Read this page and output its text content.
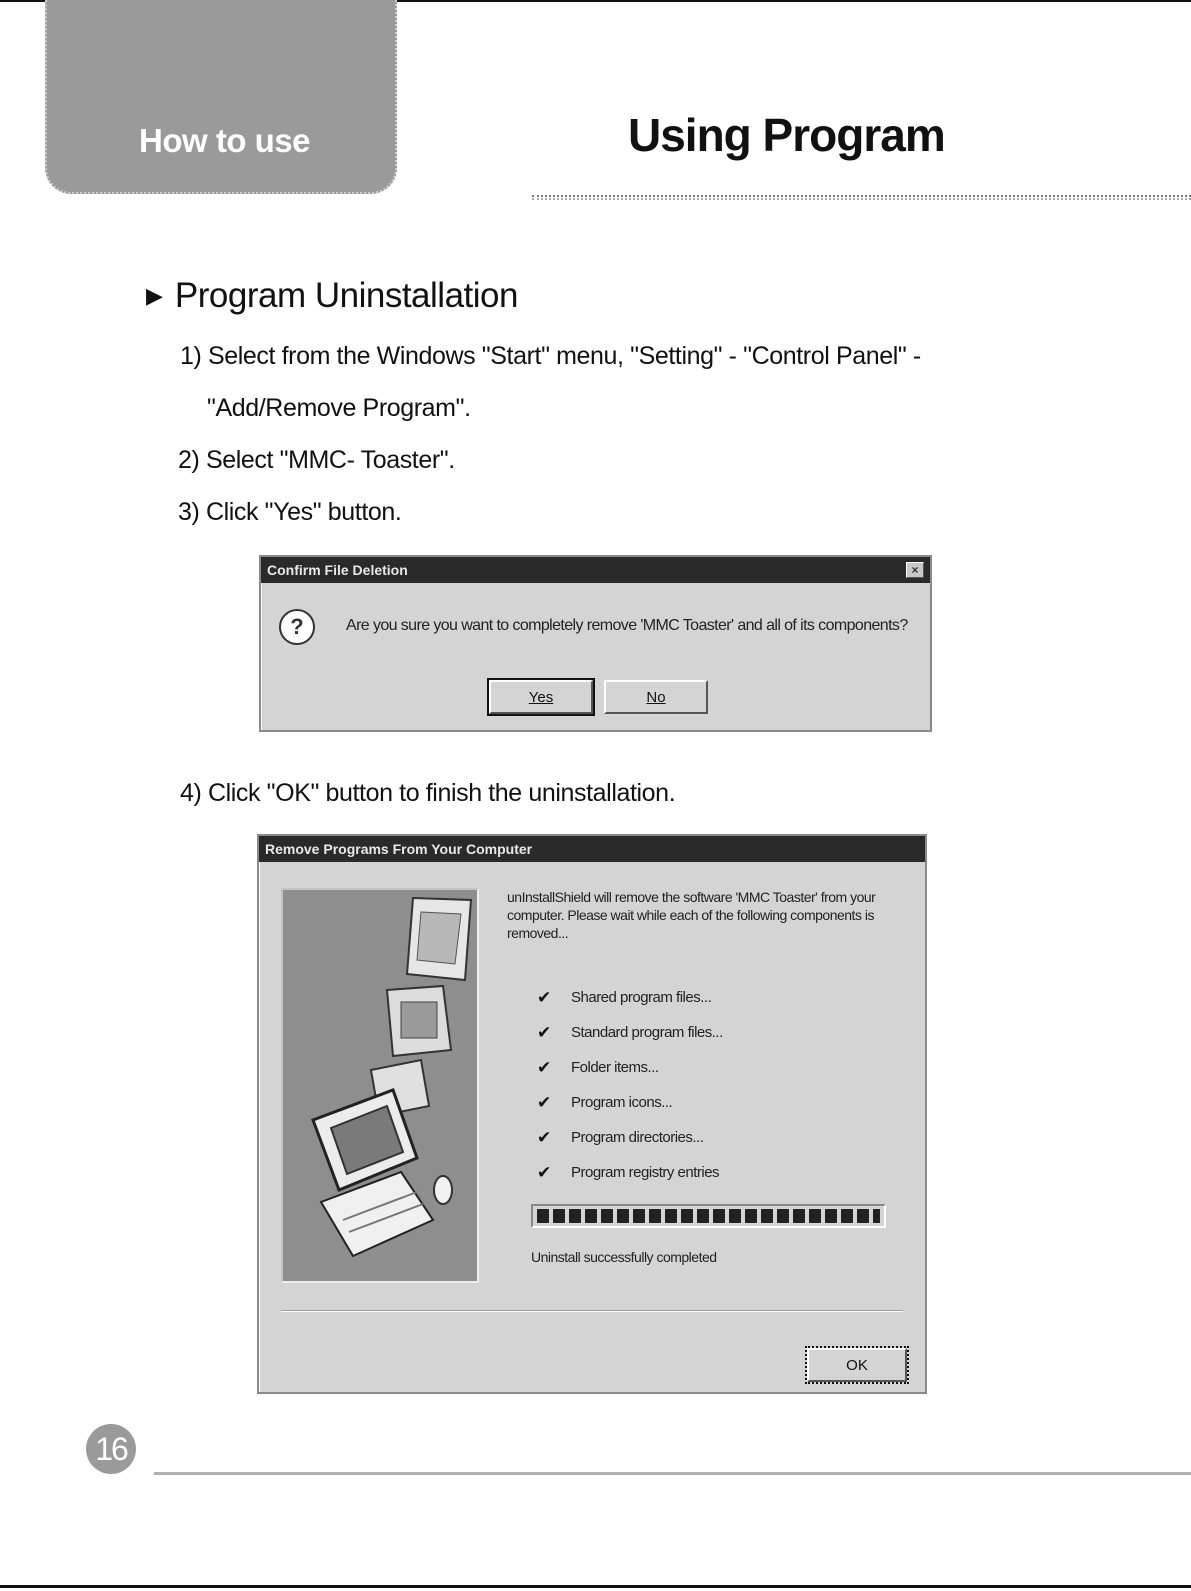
How to use	Using Program
▶ Program Uninstallation

1) Select from the Windows "Start" menu, "Setting" - "Control Panel" -

"Add/Remove Program".

2) Select "MMC- Toaster".

3) Click "Yes" button.

Confirm File Deletion	×
?	Are you sure you want to completely remove 'MMC Toaster' and all of its components?
Yes	No

4) Click "OK" button to finish the uninstallation.

Remove Programs From Your Computer

unInstallShield will remove the software 'MMC Toaster' from your computer. Please wait while each of the following components is removed...

✔	Shared program files...
✔	Standard program files...
✔	Folder items...
✔	Program icons...
✔	Program directories...
✔	Program registry entries

Uninstall successfully completed

OK
16
